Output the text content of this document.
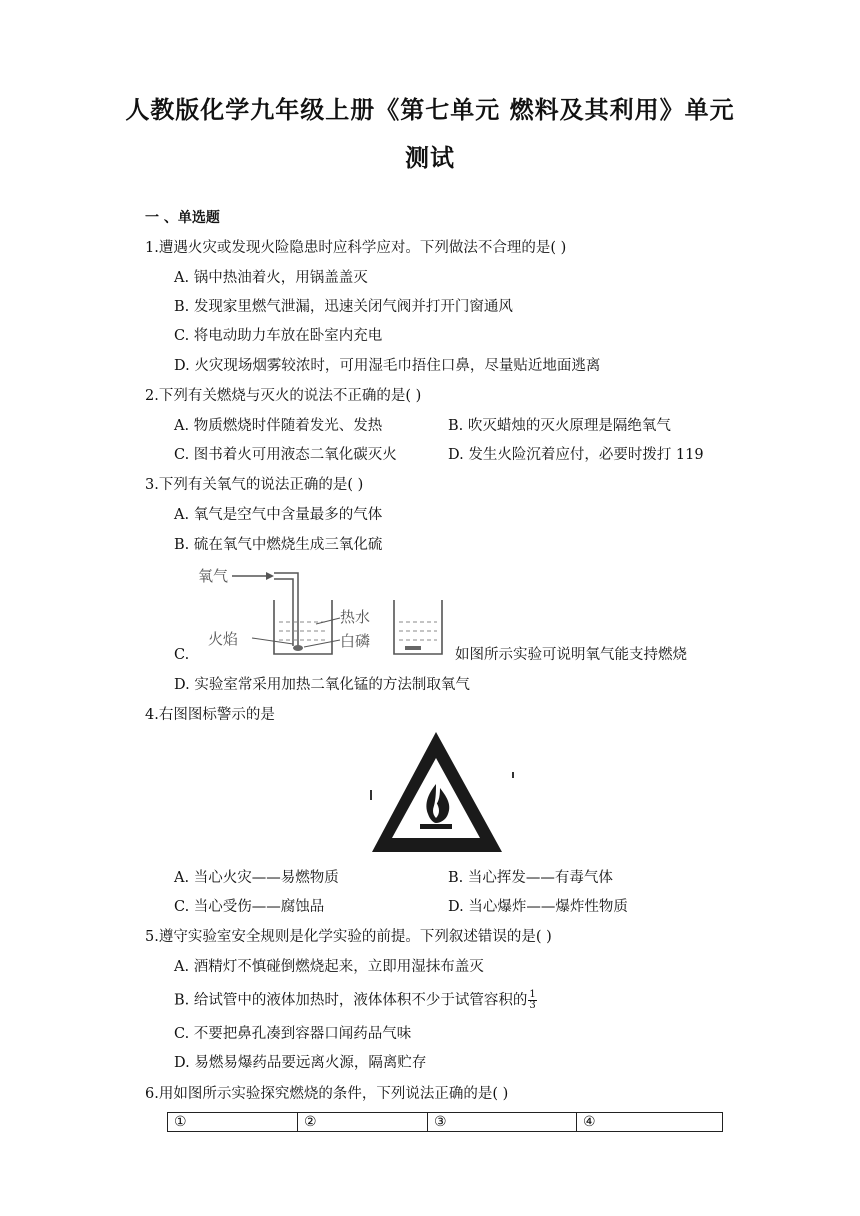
人教版化学九年级上册《第七单元 燃料及其利用》单元
测试
一 、单选题
1.遭遇火灾或发现火险隐患时应科学应对。下列做法不合理的是( )
A. 锅中热油着火，用锅盖盖灭
B. 发现家里燃气泄漏，迅速关闭气阀并打开门窗通风
C. 将电动助力车放在卧室内充电
D. 火灾现场烟雾较浓时，可用湿毛巾捂住口鼻，尽量贴近地面逃离
2.下列有关燃烧与灭火的说法不正确的是( )
A. 物质燃烧时伴随着发光、发热	B. 吹灭蜡烛的灭火原理是隔绝氧气
C. 图书着火可用液态二氧化碳灭火	D. 发生火险沉着应付，必要时拨打 119
3.下列有关氧气的说法正确的是( )
A. 氧气是空气中含量最多的气体
B. 硫在氧气中燃烧生成三氧化硫
氧气
热水
白磷
火焰
C.	如图所示实验可说明氧气能支持燃烧
D. 实验室常采用加热二氧化锰的方法制取氧气
4.右图图标警示的是
A. 当心火灾——易燃物质	B. 当心挥发——有毒气体
C. 当心受伤——腐蚀品	D. 当心爆炸——爆炸性物质
5.遵守实验室安全规则是化学实验的前提。下列叙述错误的是( )
A. 酒精灯不慎碰倒燃烧起来，立即用湿抹布盖灭
B. 给试管中的液体加热时，液体体积不少于试管容积的 $\frac{1}{3}$
C. 不要把鼻孔凑到容器口闻药品气味
D. 易燃易爆药品要远离火源，隔离贮存
6.用如图所示实验探究燃烧的条件，下列说法正确的是( )
①	②	③	④
